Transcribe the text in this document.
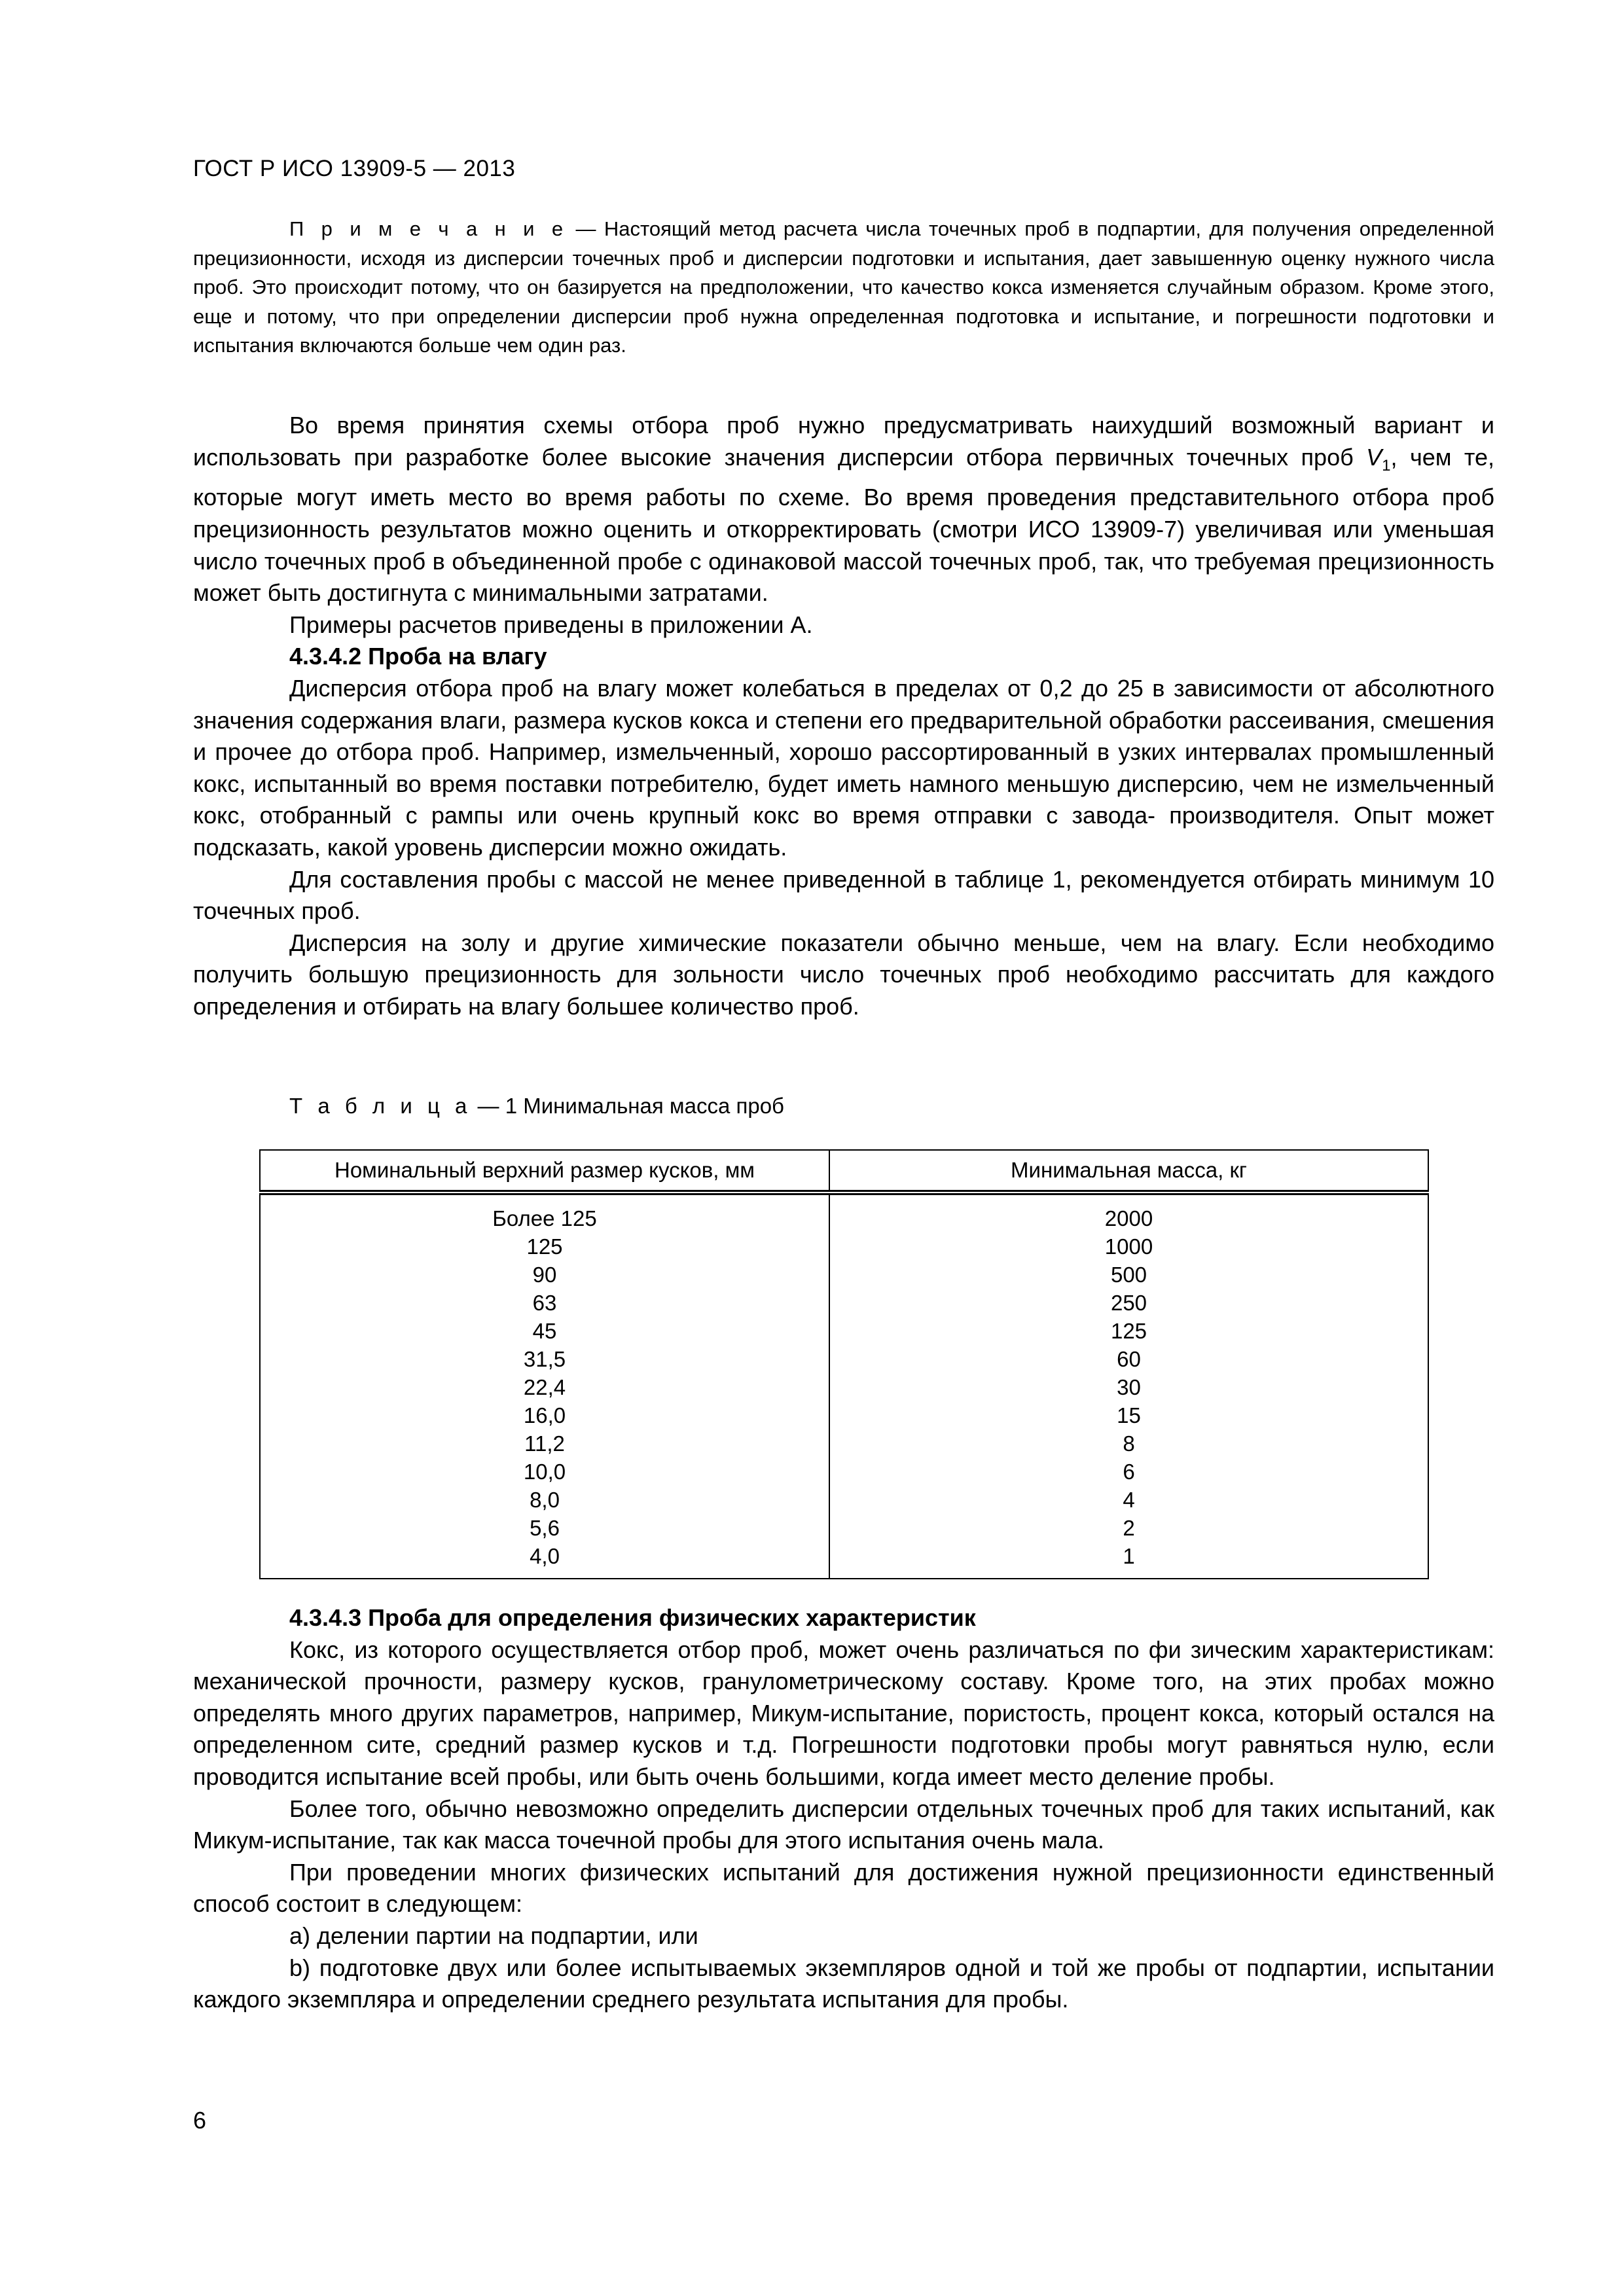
ГОСТ Р ИСО 13909-5 — 2013
П р и м е ч а н и е — Настоящий метод расчета числа точечных проб в подпартии, для получения определенной прецизионности, исходя из дисперсии точечных проб и дисперсии подготовки и испытания, дает завышенную оценку нужного числа проб. Это происходит потому, что он базируется на предположении, что качество кокса изменяется случайным образом. Кроме этого, еще и потому, что при определении дисперсии проб нужна определенная подготовка и испытание, и погрешности подготовки и испытания включаются больше чем один раз.

Во время принятия схемы отбора проб нужно предусматривать наихудший возможный вариант и использовать при разработке более высокие значения дисперсии отбора первичных точечных проб $V_1$, чем те, которые могут иметь место во время работы по схеме. Во время проведения представительного отбора проб прецизионность результатов можно оценить и откорректировать (смотри ИСО 13909-7) увеличивая или уменьшая число точечных проб в объединенной пробе с одинаковой массой точечных проб, так, что требуемая прецизионность может быть достигнута с минимальными затратами.

Примеры расчетов приведены в приложении А.

4.3.4.2 Проба на влагу

Дисперсия отбора проб на влагу может колебаться в пределах от 0,2 до 25 в зависимости от абсолютного значения содержания влаги, размера кусков кокса и степени его предварительной обработки рассеивания, смешения и прочее до отбора проб. Например, измельченный, хорошо рассортированный в узких интервалах промышленный кокс, испытанный во время поставки потребителю, будет иметь намного меньшую дисперсию, чем не измельченный кокс, отобранный с рампы или очень крупный кокс во время отправки с завода- производителя. Опыт может подсказать, какой уровень дисперсии можно ожидать.

Для составления пробы с массой не менее приведенной в таблице 1, рекомендуется отбирать минимум 10 точечных проб.

Дисперсия на золу и другие химические показатели обычно меньше, чем на влагу. Если необходимо получить большую прецизионность для зольности число точечных проб необходимо рассчитать для каждого определения и отбирать на влагу большее количество проб.

Т а б л и ц а — 1 Минимальная масса проб
Номинальный верхний размер кусков, мм	Минимальная масса, кг
Более 125	2000
125	1000
90	500
63	250
45	125
31,5	60
22,4	30
16,0	15
11,2	8
10,0	6
8,0	4
5,6	2
4,0	1

4.3.4.3 Проба для определения физических характеристик

Кокс, из которого осуществляется отбор проб, может очень различаться по фи зическим характеристикам: механической прочности, размеру кусков, гранулометрическому составу. Кроме того, на этих пробах можно определять много других параметров, например, Микум-испытание, пористость, процент кокса, который остался на определенном сите, средний размер кусков и т.д. Погрешности подготовки пробы могут равняться нулю, если проводится испытание всей пробы, или быть очень большими, когда имеет место деление пробы.

Более того, обычно невозможно определить дисперсии отдельных точечных проб для таких испытаний, как Микум-испытание, так как масса точечной пробы для этого испытания очень мала.

При проведении многих физических испытаний для достижения нужной прецизионности единственный способ состоит в следующем:

а) делении партии на подпартии, или

b) подготовке двух или более испытываемых экземпляров одной и той же пробы от подпартии, испытании каждого экземпляра и определении среднего результата испытания для пробы.

6
